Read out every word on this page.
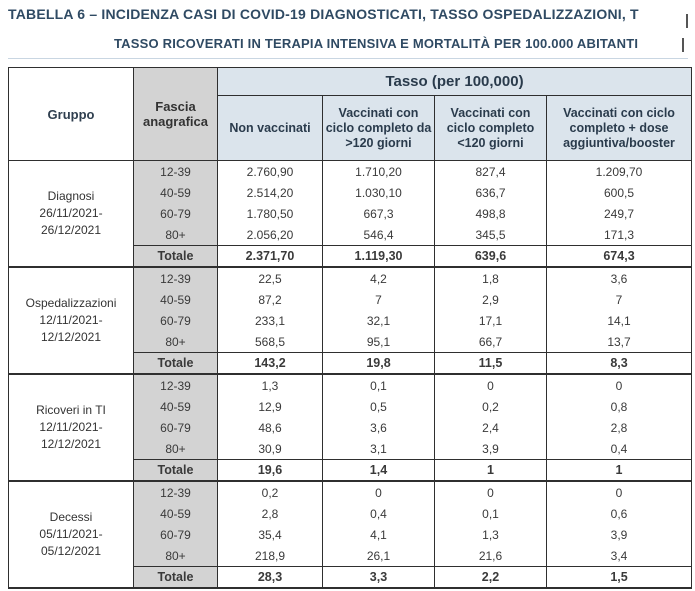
TABELLA 6 – INCIDENZA CASI DI COVID-19 DIAGNOSTICATI, TASSO OSPEDALIZZAZIONI, T
TASSO RICOVERATI IN TERAPIA INTENSIVA E MORTALITÀ PER 100.000 ABITANTI
Gruppo	Fascia anagrafica	Tasso (per 100,000)			
		Non vaccinati	Vaccinati con ciclo completo da >120 giorni	Vaccinati con ciclo completo <120 giorni	Vaccinati con ciclo completo + dose aggiuntiva/booster

Diagnosi
26/11/2021-
26/12/2021	12-39	2.760,90	1.710,20	827,4	1.209,70
	40-59	2.514,20	1.030,10	636,7	600,5
	60-79	1.780,50	667,3	498,8	249,7
	80+	2.056,20	546,4	345,5	171,3
	Totale	2.371,70	1.119,30	639,6	674,3

Ospedalizzazioni
12/11/2021-
12/12/2021	12-39	22,5	4,2	1,8	3,6
	40-59	87,2	7	2,9	7
	60-79	233,1	32,1	17,1	14,1
	80+	568,5	95,1	66,7	13,7
	Totale	143,2	19,8	11,5	8,3

Ricoveri in TI
12/11/2021-
12/12/2021	12-39	1,3	0,1	0	0
	40-59	12,9	0,5	0,2	0,8
	60-79	48,6	3,6	2,4	2,8
	80+	30,9	3,1	3,9	0,4
	Totale	19,6	1,4	1	1

Decessi
05/11/2021-
05/12/2021	12-39	0,2	0	0	0
	40-59	2,8	0,4	0,1	0,6
	60-79	35,4	4,1	1,3	3,9
	80+	218,9	26,1	21,6	3,4
	Totale	28,3	3,3	2,2	1,5
